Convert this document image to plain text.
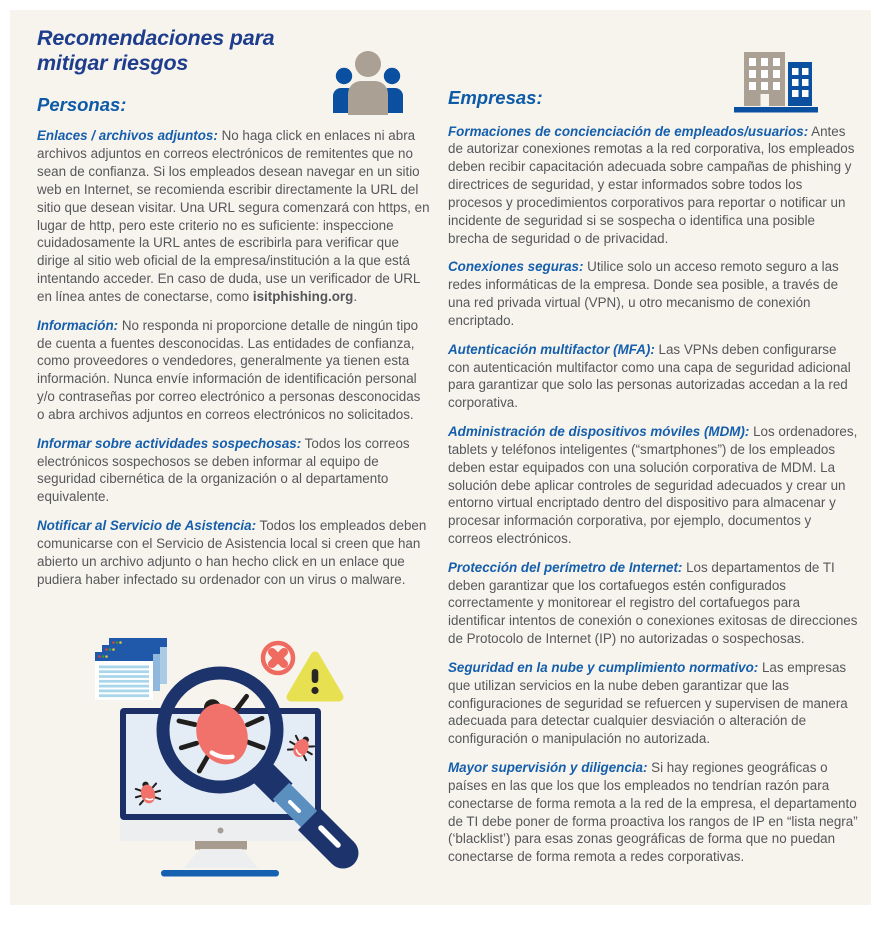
Recomendaciones para mitigar riesgos
Personas:

Enlaces / archivos adjuntos: No haga click en enlaces ni abra archivos adjuntos en correos electrónicos de remitentes que no sean de confianza. Si los empleados desean navegar en un sitio web en Internet, se recomienda escribir directamente la URL del sitio que desean visitar. Una URL segura comenzará con https, en lugar de http, pero este criterio no es suficiente: inspeccione cuidadosamente la URL antes de escribirla para verificar que dirige al sitio web oficial de la empresa/institución a la que está intentando acceder. En caso de duda, use un verificador de URL en línea antes de conectarse, como isitphishing.org.

Información: No responda ni proporcione detalle de ningún tipo de cuenta a fuentes desconocidas. Las entidades de confianza, como proveedores o vendedores, generalmente ya tienen esta información. Nunca envíe información de identificación personal y/o contraseñas por correo electrónico a personas desconocidas o abra archivos adjuntos en correos electrónicos no solicitados.

Informar sobre actividades sospechosas: Todos los correos electrónicos sospechosos se deben informar al equipo de seguridad cibernética de la organización o al departamento equivalente.

Notificar al Servicio de Asistencia: Todos los empleados deben comunicarse con el Servicio de Asistencia local si creen que han abierto un archivo adjunto o han hecho click en un enlace que pudiera haber infectado su ordenador con un virus o malware.

Empresas:

Formaciones de concienciación de empleados/usuarios: Antes de autorizar conexiones remotas a la red corporativa, los empleados deben recibir capacitación adecuada sobre campañas de phishing y directrices de seguridad, y estar informados sobre todos los procesos y procedimientos corporativos para reportar o notificar un incidente de seguridad si se sospecha o identifica una posible brecha de seguridad o de privacidad.

Conexiones seguras: Utilice solo un acceso remoto seguro a las redes informáticas de la empresa. Donde sea posible, a través de una red privada virtual (VPN), u otro mecanismo de conexión encriptado.

Autenticación multifactor (MFA): Las VPNs deben configurarse con autenticación multifactor como una capa de seguridad adicional para garantizar que solo las personas autorizadas accedan a la red corporativa.

Administración de dispositivos móviles (MDM): Los ordenadores, tablets y teléfonos inteligentes (“smartphones”) de los empleados deben estar equipados con una solución corporativa de MDM. La solución debe aplicar controles de seguridad adecuados y crear un entorno virtual encriptado dentro del dispositivo para almacenar y procesar información corporativa, por ejemplo, documentos y correos electrónicos.

Protección del perímetro de Internet: Los departamentos de TI deben garantizar que los cortafuegos estén configurados correctamente y monitorear el registro del cortafuegos para identificar intentos de conexión o conexiones exitosas de direcciones de Protocolo de Internet (IP) no autorizadas o sospechosas.

Seguridad en la nube y cumplimiento normativo: Las empresas que utilizan servicios en la nube deben garantizar que las configuraciones de seguridad se refuercen y supervisen de manera adecuada para detectar cualquier desviación o alteración de configuración o manipulación no autorizada.

Mayor supervisión y diligencia: Si hay regiones geográficas o países en las que los que los empleados no tendrían razón para conectarse de forma remota a la red de la empresa, el departamento de TI debe poner de forma proactiva los rangos de IP en “lista negra” (‘blacklist’) para esas zonas geográficas de forma que no puedan conectarse de forma remota a redes corporativas.
